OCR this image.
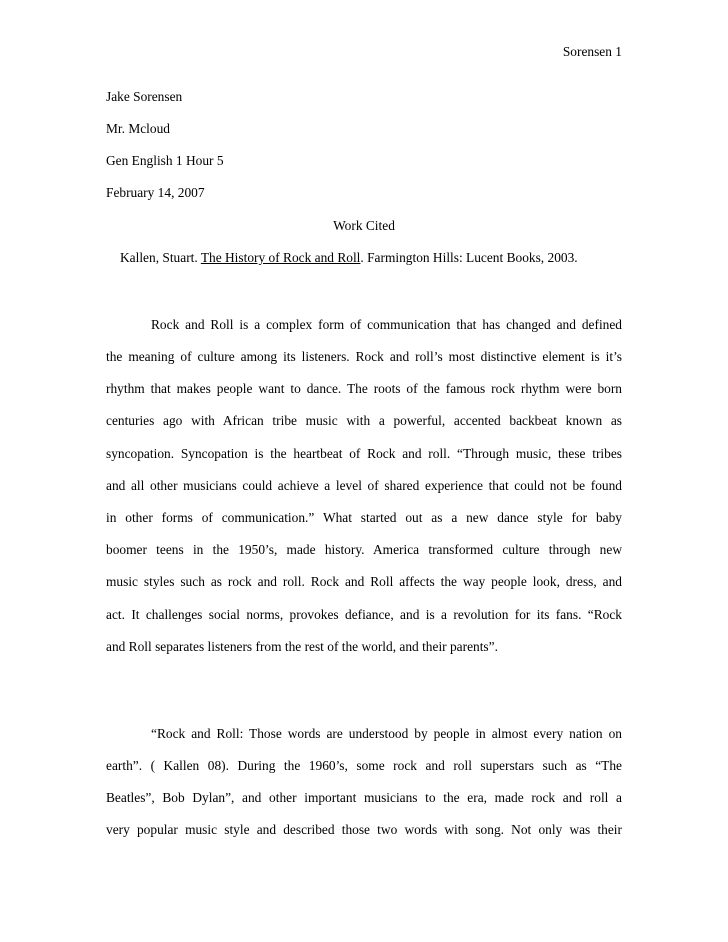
Sorensen 1
Jake Sorensen
Mr. Mcloud
Gen English 1 Hour 5
February 14, 2007
Work Cited
Kallen, Stuart. The History of Rock and Roll. Farmington Hills: Lucent Books, 2003.
Rock and Roll is a complex form of communication that has changed and defined
the meaning of culture among its listeners. Rock and roll’s most distinctive element is it’s
rhythm that makes people want to dance. The roots of the famous rock rhythm were born
centuries ago with African tribe music with a powerful, accented backbeat known as
syncopation. Syncopation is the heartbeat of Rock and roll. “Through music, these tribes
and all other musicians could achieve a level of shared experience that could not be found
in other forms of communication.” What started out as a new dance style for baby
boomer teens in the 1950’s, made history. America transformed culture through new
music styles such as rock and roll. Rock and Roll affects the way people look, dress, and
act. It challenges social norms, provokes defiance, and is a revolution for its fans. “Rock
and Roll separates listeners from the rest of the world, and their parents”.
“Rock and Roll: Those words are understood by people in almost every nation on
earth”. ( Kallen 08). During the 1960’s, some rock and roll superstars such as “The
Beatles”, Bob Dylan”, and other important musicians to the era, made rock and roll a
very popular music style and described those two words with song. Not only was their
